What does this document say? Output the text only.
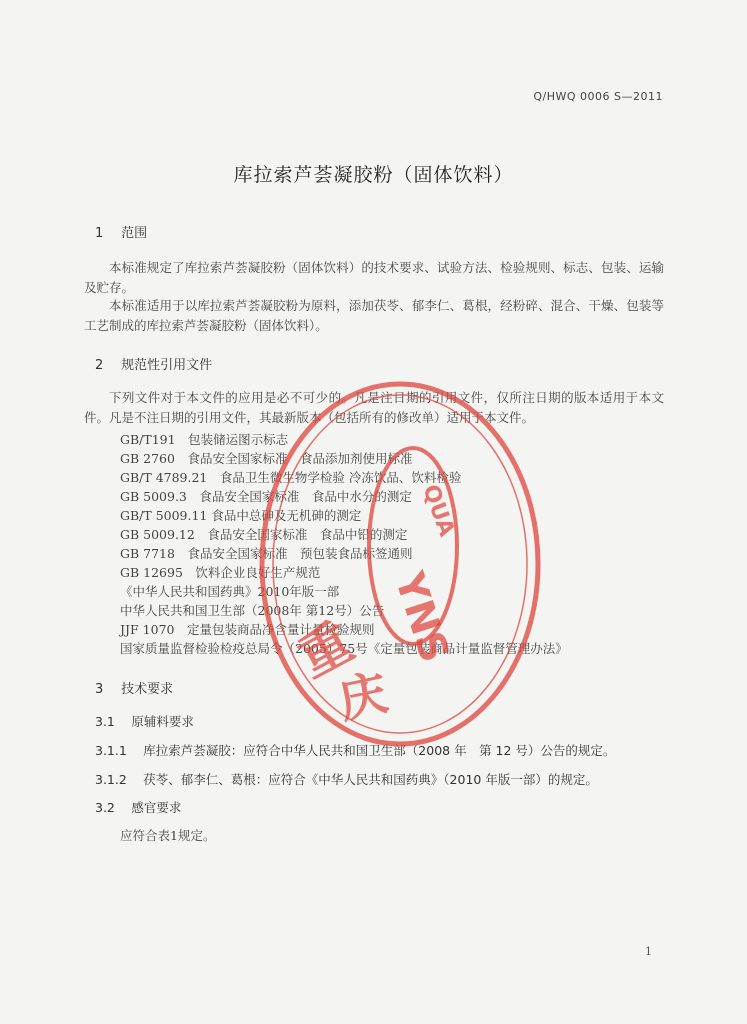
Q/HWQ 0006 S—2011
库拉索芦荟凝胶粉（固体饮料）
1 范围
本标准规定了库拉索芦荟凝胶粉（固体饮料）的技术要求、试验方法、检验规则、标志、包装、运输及贮存。
本标准适用于以库拉索芦荟凝胶粉为原料，添加茯苓、郁李仁、葛根，经粉碎、混合、干燥、包装等工艺制成的库拉索芦荟凝胶粉（固体饮料）。
2 规范性引用文件
下列文件对于本文件的应用是必不可少的。凡是注日期的引用文件，仅所注日期的版本适用于本文件。凡是不注日期的引用文件，其最新版本（包括所有的修改单）适用于本文件。
GB/T191　包装储运图示标志
GB 2760　食品安全国家标准　食品添加剂使用标准
GB/T 4789.21　食品卫生微生物学检验 冷冻饮品、饮料检验
GB 5009.3　食品安全国家标准　食品中水分的测定
GB/T 5009.11 食品中总砷及无机砷的测定
GB 5009.12　食品安全国家标准　食品中铅的测定
GB 7718　食品安全国家标准　预包装食品标签通则
GB 12695　饮料企业良好生产规范
《中华人民共和国药典》2010年版一部
中华人民共和国卫生部（2008年 第12号）公告
JJF 1070　定量包装商品净含量计量检验规则
国家质量监督检验检疫总局令（2005）75号《定量包装商品计量监督管理办法》
3 技术要求
3.1　 原辅料要求
3.1.1　 库拉索芦荟凝胶：应符合中华人民共和国卫生部（2008 年　第 12 号）公告的规定。
3.1.2　 茯苓、郁李仁、葛根：应符合《中华人民共和国药典》（2010 年版一部）的规定。
3.2　 感官要求
应符合表1规定。
1
重
庆
YNS
QUA
